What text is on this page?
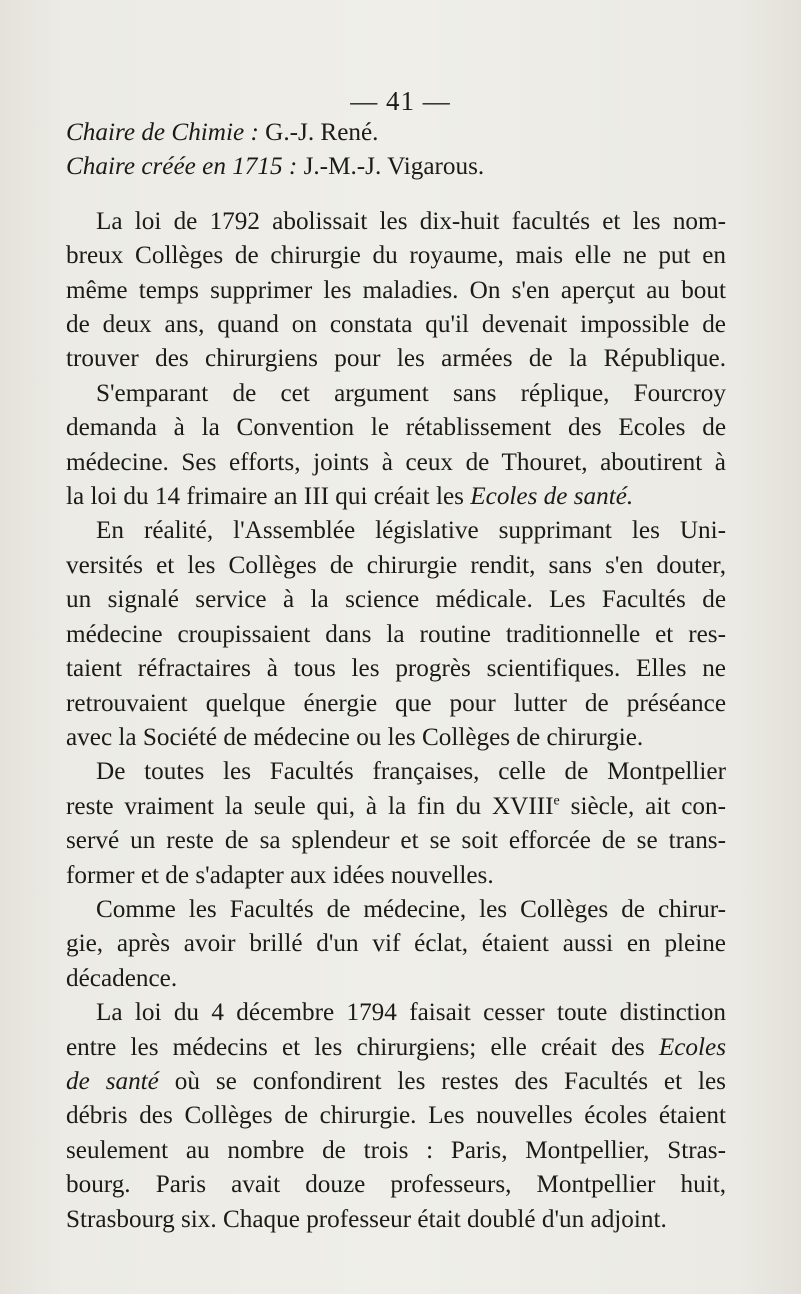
— 41 —

Chaire de Chimie : G.-J. René.

Chaire créée en 1715 : J.-M.-J. Vigarous.

La loi de 1792 abolissait les dix-huit facultés et les nom-
breux Collèges de chirurgie du royaume, mais elle ne put en
même temps supprimer les maladies. On s'en aperçut au bout
de deux ans, quand on constata qu'il devenait impossible de
trouver des chirurgiens pour les armées de la République.
S'emparant de cet argument sans réplique, Fourcroy
demanda à la Convention le rétablissement des Ecoles de
médecine. Ses efforts, joints à ceux de Thouret, aboutirent à
la loi du 14 frimaire an III qui créait les Ecoles de santé.

En réalité, l'Assemblée législative supprimant les Uni-
versités et les Collèges de chirurgie rendit, sans s'en douter,
un signalé service à la science médicale. Les Facultés de
médecine croupissaient dans la routine traditionnelle et res-
taient réfractaires à tous les progrès scientifiques. Elles ne
retrouvaient quelque énergie que pour lutter de préséance
avec la Société de médecine ou les Collèges de chirurgie.

De toutes les Facultés françaises, celle de Montpellier
reste vraiment la seule qui, à la fin du XVIIIe siècle, ait con-
servé un reste de sa splendeur et se soit efforcée de se trans-
former et de s'adapter aux idées nouvelles.

Comme les Facultés de médecine, les Collèges de chirur-
gie, après avoir brillé d'un vif éclat, étaient aussi en pleine
décadence.

La loi du 4 décembre 1794 faisait cesser toute distinction
entre les médecins et les chirurgiens; elle créait des Ecoles
de santé où se confondirent les restes des Facultés et les
débris des Collèges de chirurgie. Les nouvelles écoles étaient
seulement au nombre de trois : Paris, Montpellier, Stras-
bourg. Paris avait douze professeurs, Montpellier huit,
Strasbourg six. Chaque professeur était doublé d'un adjoint.
